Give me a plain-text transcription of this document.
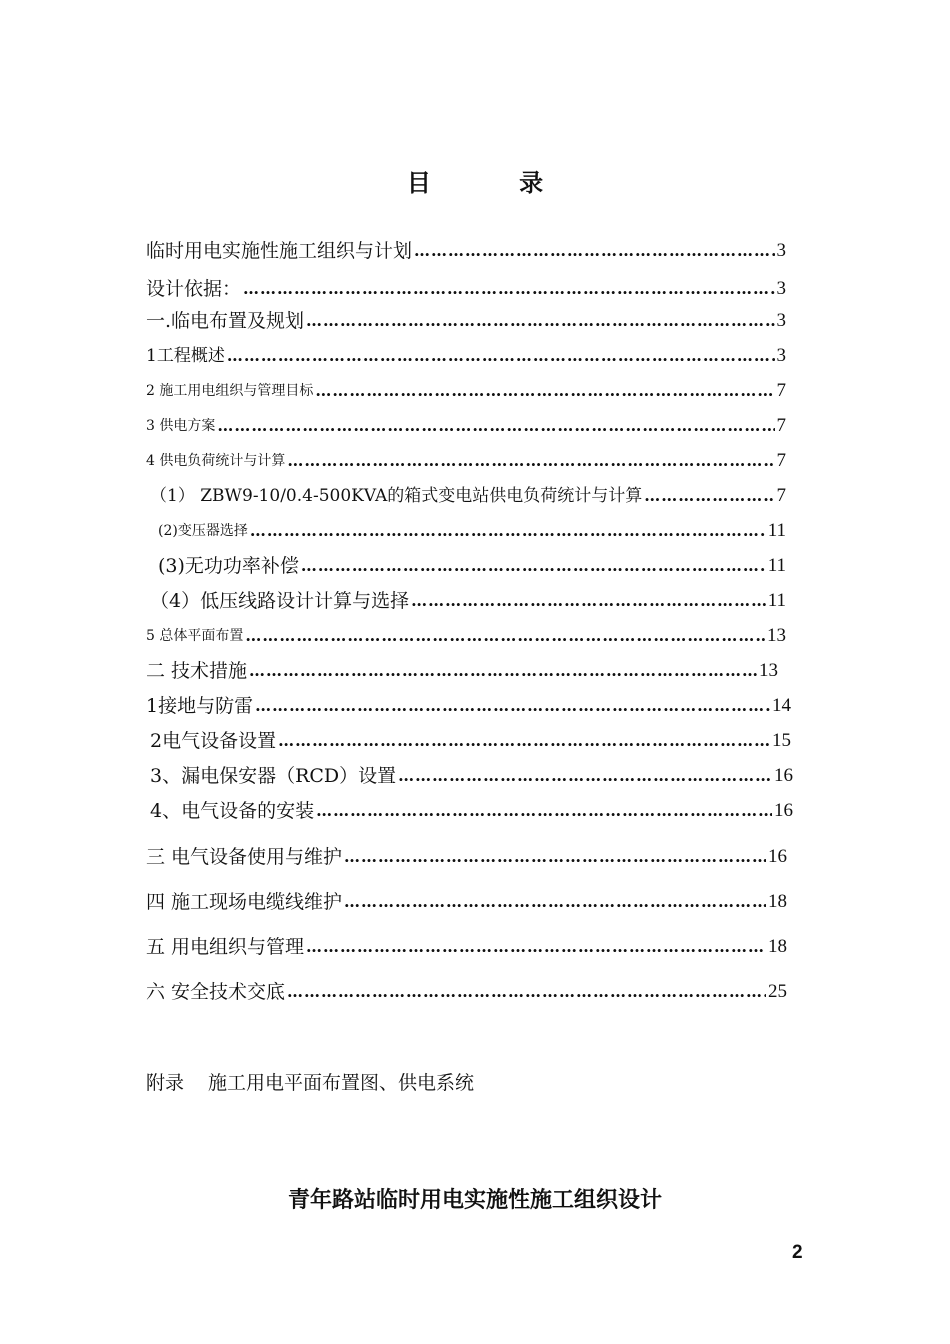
目 录
临时用电实施性施工组织与计划 ……………………………………………………………………………………………………………………………	3
设计依据： ……………………………………………………………………………………………………………………………	3
一.临电布置及规划 ……………………………………………………………………………………………………………………………	3
1工程概述 ……………………………………………………………………………………………………………………………	3
2 施工用电组织与管理目标 ……………………………………………………………………………………………………………………………	7
3 供电方案 ……………………………………………………………………………………………………………………………	7
4 供电负荷统计与计算 ……………………………………………………………………………………………………………………………	7
（1） ZBW9-10/0.4-500KVA的箱式变电站供电负荷统计与计算 ……………………………………………………………………………………………………………………………	7
(2)变压器选择 ……………………………………………………………………………………………………………………………	11
(3)无功功率补偿 ……………………………………………………………………………………………………………………………	11
（4）低压线路设计计算与选择 ……………………………………………………………………………………………………………………………	11
5 总体平面布置 ……………………………………………………………………………………………………………………………	13
二 技术措施 ……………………………………………………………………………………………………………………………	13
1接地与防雷 ……………………………………………………………………………………………………………………………	14
2电气设备设置 ……………………………………………………………………………………………………………………………	15
3、漏电保安器（RCD）设置 ……………………………………………………………………………………………………………………………	16
4、电气设备的安装 ……………………………………………………………………………………………………………………………	16
三 电气设备使用与维护 ……………………………………………………………………………………………………………………………	16
四 施工现场电缆线维护 ……………………………………………………………………………………………………………………………	18
五 用电组织与管理 ……………………………………………………………………………………………………………………………	18
六 安全技术交底 ……………………………………………………………………………………………………………………………	25
附录 施工用电平面布置图、供电系统
青年路站临时用电实施性施工组织设计
2
